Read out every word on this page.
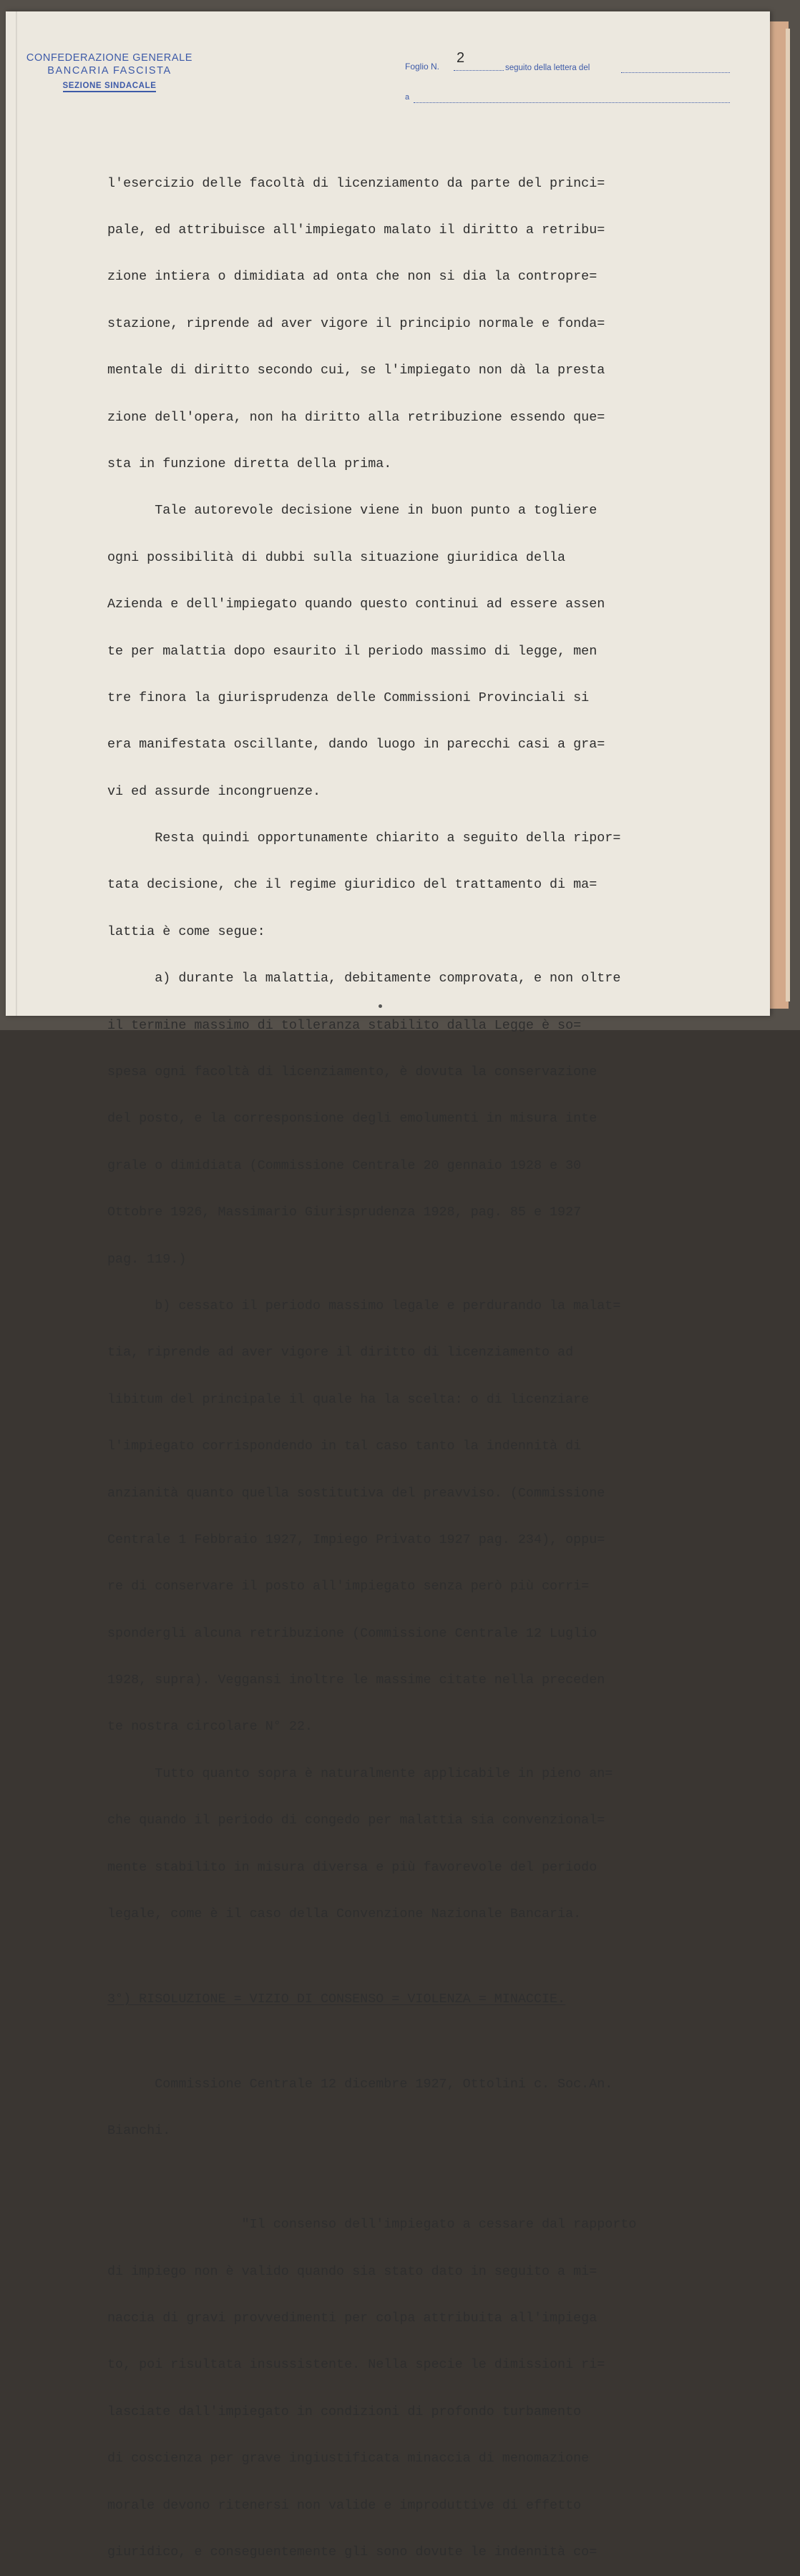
CONFEDERAZIONE GENERALE
BANCARIA FASCISTA
SEZIONE SINDACALE
Foglio N.
2
seguito della lettera del
a

l'esercizio delle facoltà di licenziamento da parte del princi=

pale, ed attribuisce all'impiegato malato il diritto a retribu=

zione intiera o dimidiata ad onta che non si dia la contropre=

stazione, riprende ad aver vigore il principio normale e fonda=

mentale di diritto secondo cui, se l'impiegato non dà la presta

zione dell'opera, non ha diritto alla retribuzione essendo que=

sta in funzione diretta della prima.

Tale autorevole decisione viene in buon punto a togliere

ogni possibilità di dubbi sulla situazione giuridica della

Azienda e dell'impiegato quando questo continui ad essere assen

te per malattia dopo esaurito il periodo massimo di legge, men

tre finora la giurisprudenza delle Commissioni Provinciali si

era manifestata oscillante, dando luogo in parecchi casi a gra=

vi ed assurde incongruenze.

Resta quindi opportunamente chiarito a seguito della ripor=

tata decisione, che il regime giuridico del trattamento di ma=

lattia è come segue:

a) durante la malattia, debitamente comprovata, e non oltre

il termine massimo di tolleranza stabilito dalla Legge è so=

spesa ogni facoltà di licenziamento, è dovuta la conservazione

del posto, e la corresponsione degli emolumenti in misura inte

grale o dimidiata (Commissione Centrale 20 gennaio 1928 e 30

Ottobre 1926, Massimario Giurisprudenza 1928, pag. 85 e 1927

pag. 119.)

b) cessato il periodo massimo legale e perdurando la malat=

tia, riprende ad aver vigore il diritto di licenziamento ad

libitum del principale il quale ha la scelta: o di licenziare

l'impiegato corrispondendo in tal caso tanto la indennità di

anzianità quanto quella sostitutiva del preavviso. (Commissione

Centrale 1 Febbraio 1927, Impiego Privato 1927 pag. 234), oppu=

re di conservare il posto all'impiegato senza però più corri=

spondergli alcuna retribuzione (Commissione Centrale 12 Luglio

1928, supra). Veggansi inoltre le massime citate nella preceden

te nostra circolare N° 22.

Tutto quanto sopra è naturalmente applicabile in pieno an=

che quando il periodo di congedo per malattia sia convenzional=

mente stabilito in misura diversa e più favorevole del periodo

legale, come è il caso della Convenzione Nazionale Bancaria.

3°) RISOLUZIONE = VIZIO DI CONSENSO = VIOLENZA = MINACCIE.

Commissione Centrale 12 dicembre 1927, Ottolini c. Soc.An.

Bianchi.

"Il consenso dell'impiegato a cessare dal rapporto

di impiego non è valido quando sia stato dato in seguito a mi=

naccia di gravi provvedimenti per colpa attribuita all'impiega

to, poi risultata insussistente. Nella specie le dimissioni ri=

lasciate dall'impiegato in condizioni di profondo turbamento

di coscienza per grave ingiustificata minaccia di menomazione

morale devono ritenersi non valide e improduttive di effetto

giuridico, e conseguentemente gli sono dovute le indennità co=
